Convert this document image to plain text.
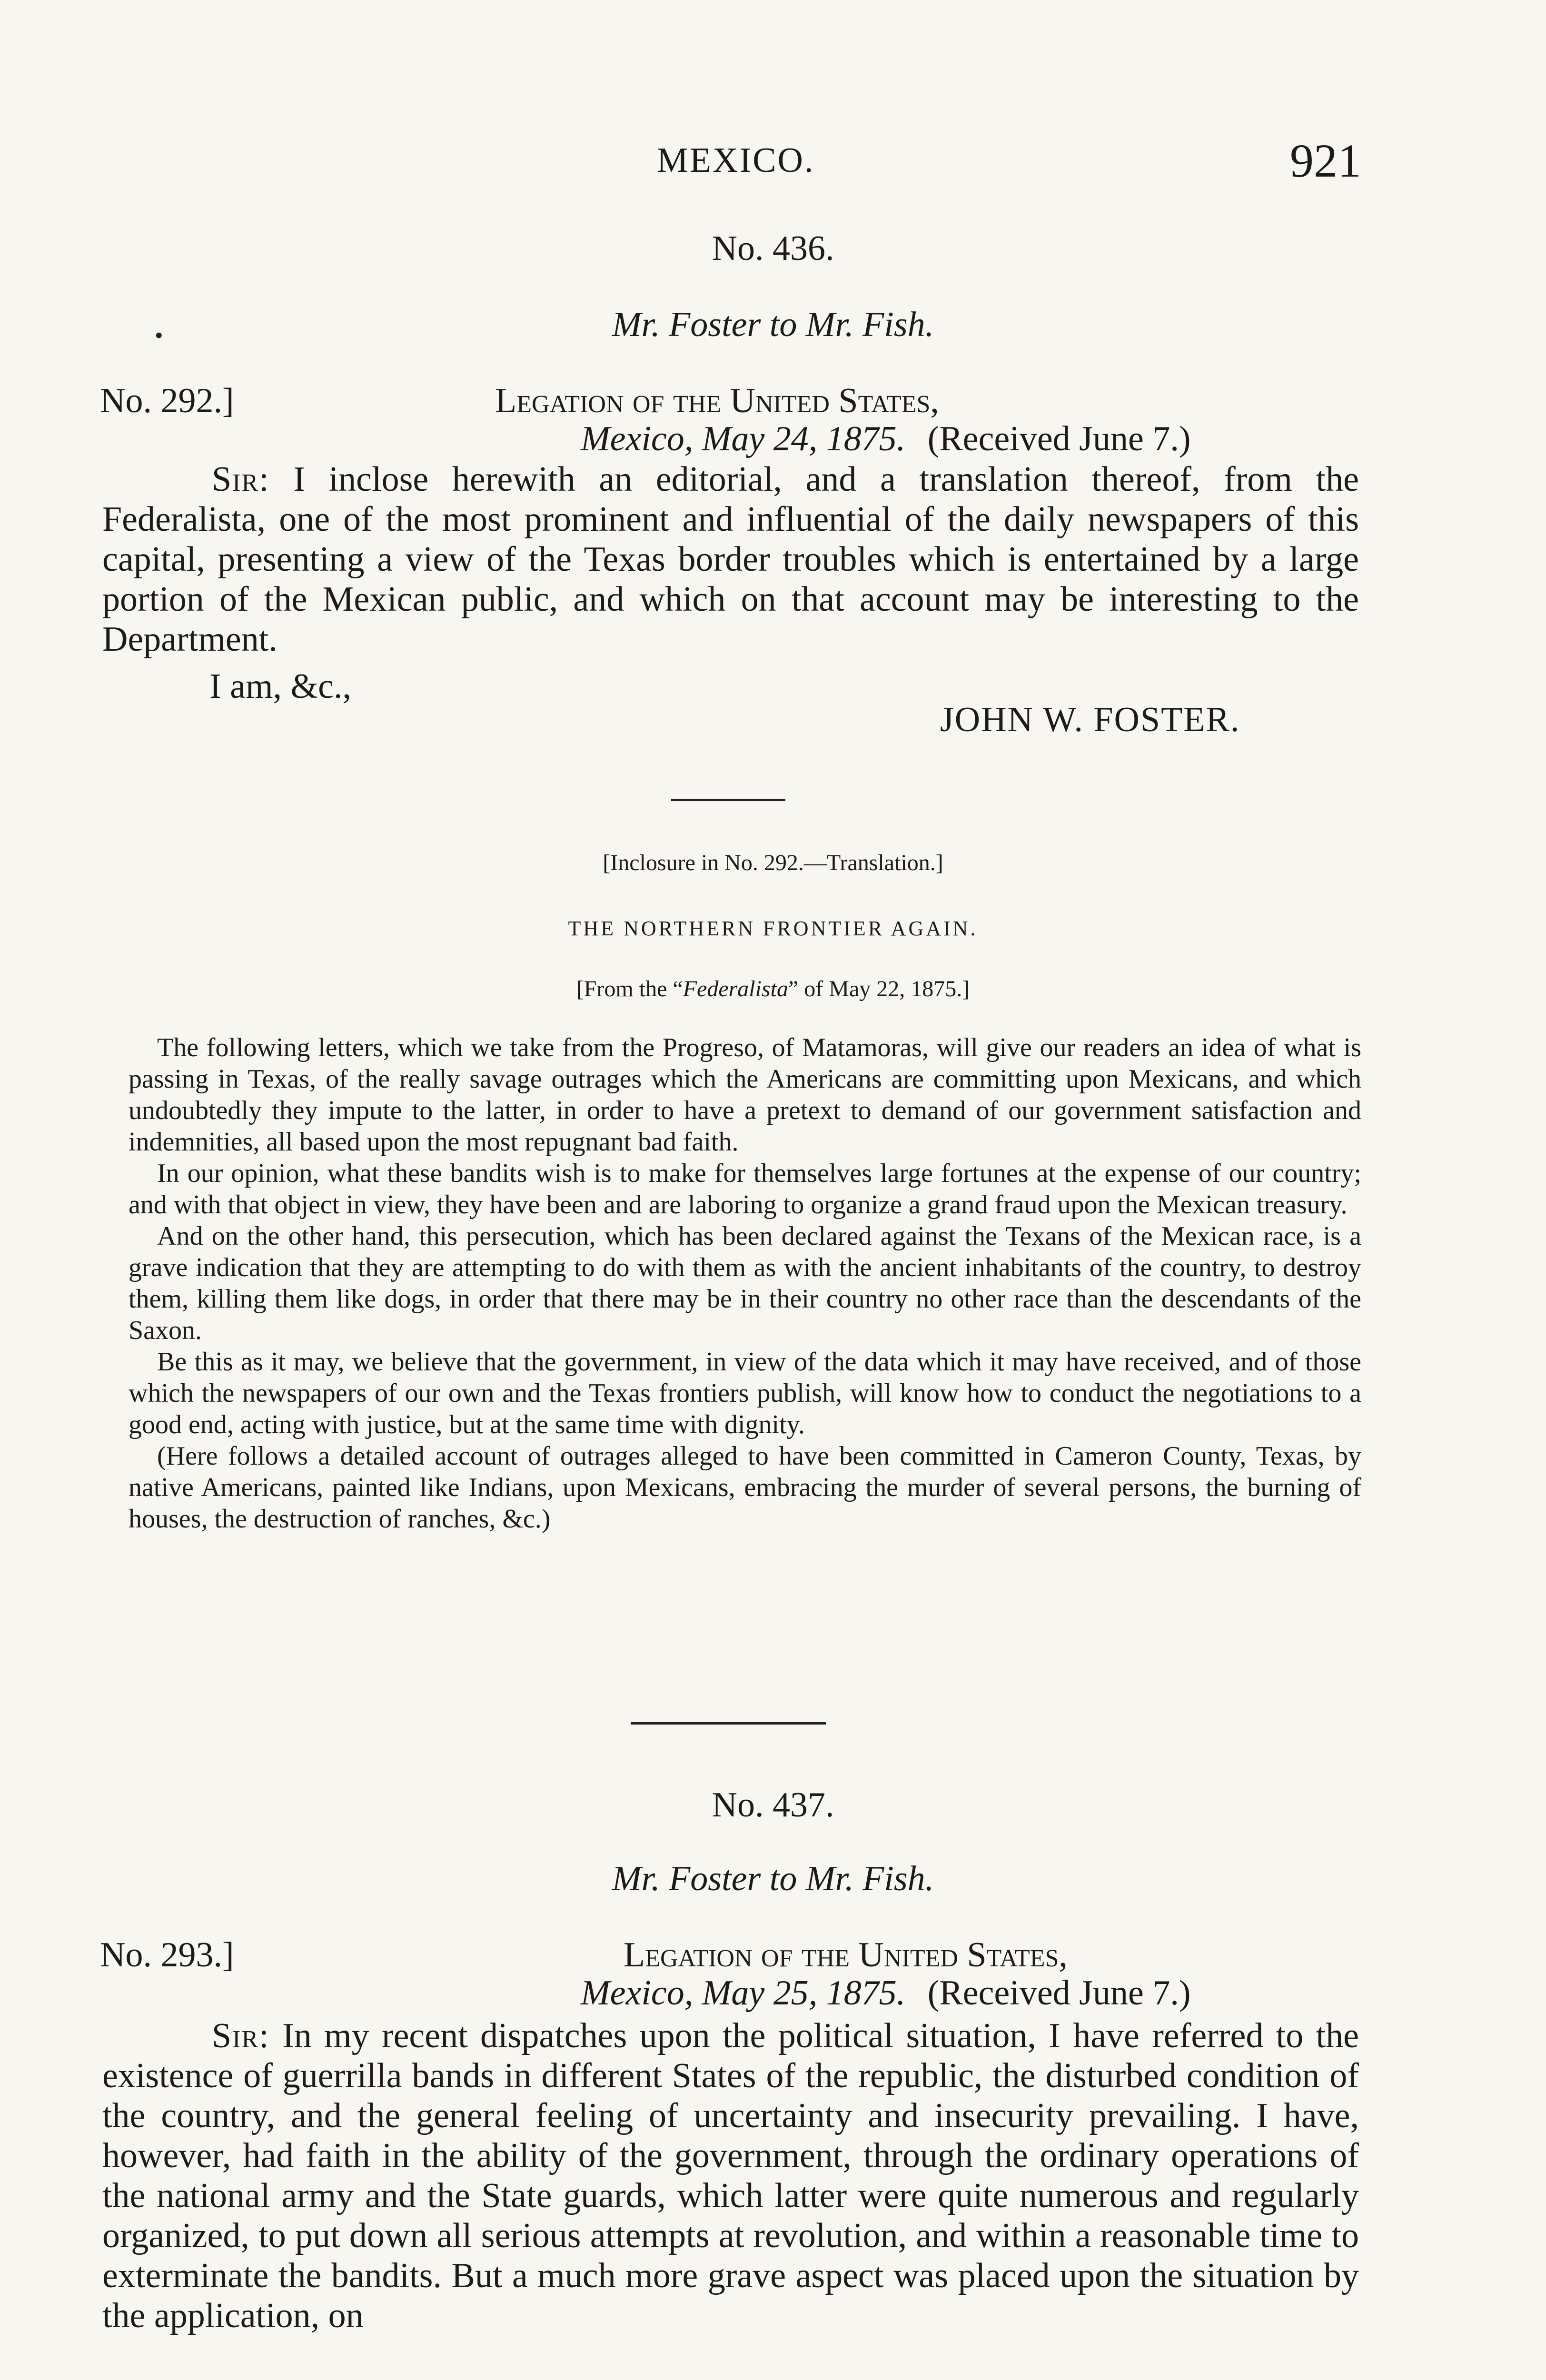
MEXICO.	921
No. 436.
•	Mr. Foster to Mr. Fish.
No. 292.]	Legation of the United States,
Mexico, May 24, 1875. (Received June 7.)

Sir: I inclose herewith an editorial, and a translation thereof, from the Federalista, one of the most prominent and influential of the daily newspapers of this capital, presenting a view of the Texas border troubles which is entertained by a large portion of the Mexican public, and which on that account may be interesting to the Department.

I am, &c.,
JOHN W. FOSTER.
[Inclosure in No. 292.—Translation.]
THE NORTHERN FRONTIER AGAIN.
[From the “Federalista” of May 22, 1875.]

The following letters, which we take from the Progreso, of Matamoras, will give our readers an idea of what is passing in Texas, of the really savage outrages which the Americans are committing upon Mexicans, and which undoubtedly they impute to the latter, in order to have a pretext to demand of our government satisfaction and indemnities, all based upon the most repugnant bad faith.

In our opinion, what these bandits wish is to make for themselves large fortunes at the expense of our country; and with that object in view, they have been and are laboring to organize a grand fraud upon the Mexican treasury.

And on the other hand, this persecution, which has been declared against the Texans of the Mexican race, is a grave indication that they are attempting to do with them as with the ancient inhabitants of the country, to destroy them, killing them like dogs, in order that there may be in their country no other race than the descendants of the Saxon.

Be this as it may, we believe that the government, in view of the data which it may have received, and of those which the newspapers of our own and the Texas frontiers publish, will know how to conduct the negotiations to a good end, acting with justice, but at the same time with dignity.

(Here follows a detailed account of outrages alleged to have been committed in Cameron County, Texas, by native Americans, painted like Indians, upon Mexicans, embracing the murder of several persons, the burning of houses, the destruction of ranches, &c.)

No. 437.
Mr. Foster to Mr. Fish.
No. 293.]	Legation of the United States,
Mexico, May 25, 1875. (Received June 7.)

Sir: In my recent dispatches upon the political situation, I have referred to the existence of guerrilla bands in different States of the republic, the disturbed condition of the country, and the general feeling of uncertainty and insecurity prevailing. I have, however, had faith in the ability of the government, through the ordinary operations of the national army and the State guards, which latter were quite numerous and regularly organized, to put down all serious attempts at revolution, and within a reasonable time to exterminate the bandits. But a much more grave aspect was placed upon the situation by the application, on
